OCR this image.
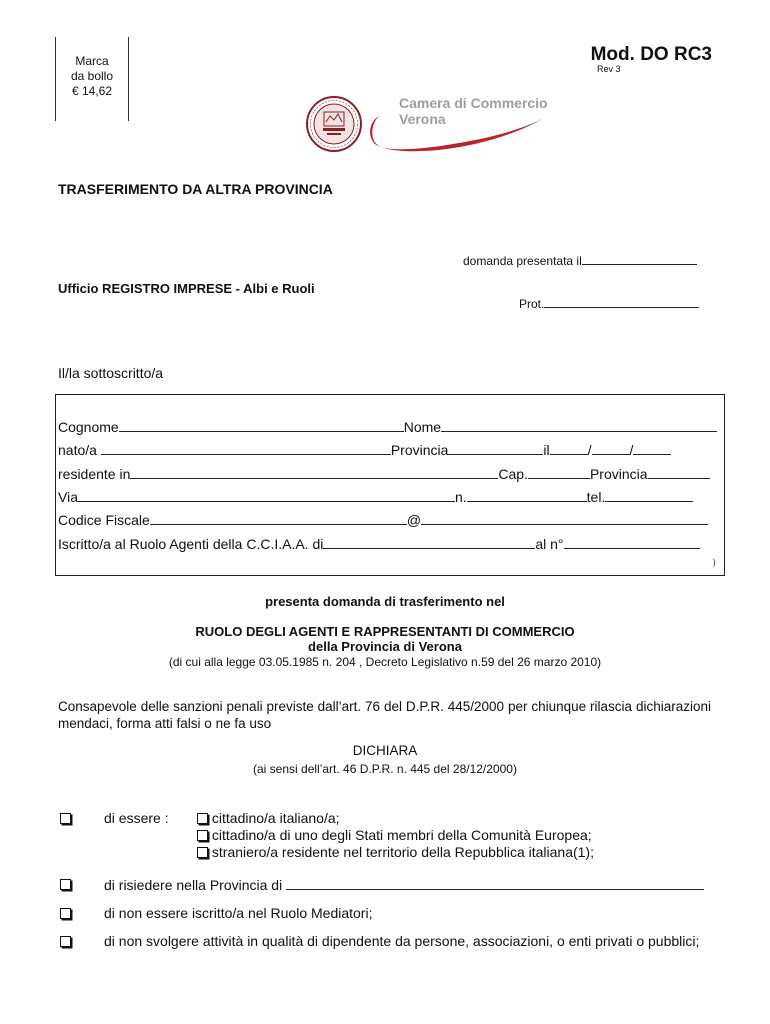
Marca
da bollo
€ 14,62
Mod. DO RC3
Rev 3
Camera di Commercio
Verona
TRASFERIMENTO DA ALTRA PROVINCIA
domanda presentata il
Ufficio REGISTRO IMPRESE - Albi e Ruoli
Prot.
Il/la sottoscritto/a
Cognome	Nome
nato/a	Provincia	il	/	/
residente in	Cap.	Provincia
Via	n.	tel.
Codice Fiscale	@
Iscritto/a al Ruolo Agenti della C.C.I.A.A. di	al n°
)
presenta domanda di trasferimento nel
RUOLO DEGLI AGENTI E RAPPRESENTANTI DI COMMERCIO
della Provincia di Verona
(di cui alla legge 03.05.1985 n. 204 , Decreto Legislativo n.59 del 26 marzo 2010)
Consapevole delle sanzioni penali previste dall’art. 76 del D.P.R. 445/2000 per chiunque rilascia dichiarazioni mendaci, forma atti falsi o ne fa uso
DICHIARA
(ai sensi dell’art. 46 D.P.R. n. 445 del 28/12/2000)
di essere :	cittadino/a italiano/a;
cittadino/a di uno degli Stati membri della Comunità Europea;
straniero/a residente nel territorio della Repubblica italiana(1);
di risiedere nella Provincia di
di non essere iscritto/a nel Ruolo Mediatori;
di non svolgere attività in qualità di dipendente da persone, associazioni, o enti privati o pubblici;
